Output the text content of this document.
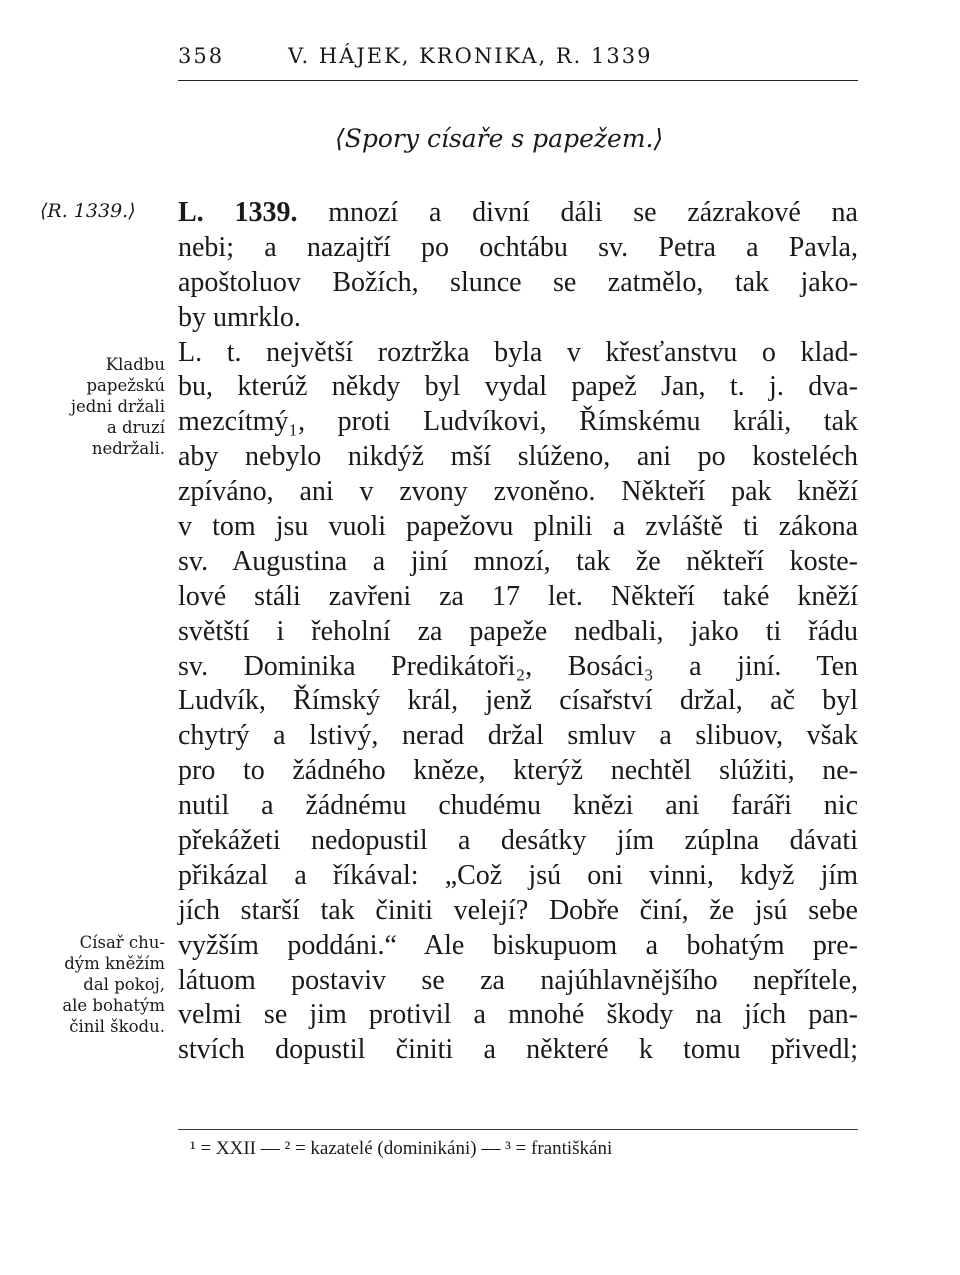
358	V. HÁJEK, KRONIKA, R. 1339
⟨Spory císaře s papežem.⟩
⟨R. 1339.⟩
Kladbu
papežskú
jedni držali
a druzí
nedržali.
Císař chu-
dým kněžím
dal pokoj,
ale bohatým
činil škodu.
L. 1339. mnozí a divní dáli se zázrakové na
nebi; a nazajtří po ochtábu sv. Petra a Pavla,
apoštoluov Božích, slunce se zatmělo, tak jako-
by umrklo.
L. t. největší roztržka byla v křesťanstvu o klad-
bu, kterúž někdy byl vydal papež Jan, t. j. dva-
mezcítmý₁, proti Ludvíkovi, Římskému králi, tak
aby nebylo nikdýž mší slúženo, ani po kosteléch
zpíváno, ani v zvony zvoněno. Někteří pak kněží
v tom jsu vuoli papežovu plnili a zvláště ti zákona
sv. Augustina a jiní mnozí, tak že někteří koste-
lové stáli zavřeni za 17 let. Někteří také kněží
světští i řeholní za papeže nedbali, jako ti řádu
sv. Dominika Predikátoři₂, Bosáci₃ a jiní. Ten
Ludvík, Římský král, jenž císařství držal, ač byl
chytrý a lstivý, nerad držal smluv a slibuov, však
pro to žádného kněze, kterýž nechtěl slúžiti, ne-
nutil a žádnému chudému knězi ani faráři nic
překážeti nedopustil a desátky jím zúplna dávati
přikázal a říkával: „Což jsú oni vinni, když jím
jích starší tak činiti velejí? Dobře činí, že jsú sebe
vyžším poddáni.“ Ale biskupuom a bohatým pre-
látuom postaviv se za najúhlavnějšího nepřítele,
velmi se jim protivil a mnohé škody na jích pan-
stvích dopustil činiti a některé k tomu přivedl;
¹ = XXII — ² = kazatelé (dominikáni) — ³ = františkáni
